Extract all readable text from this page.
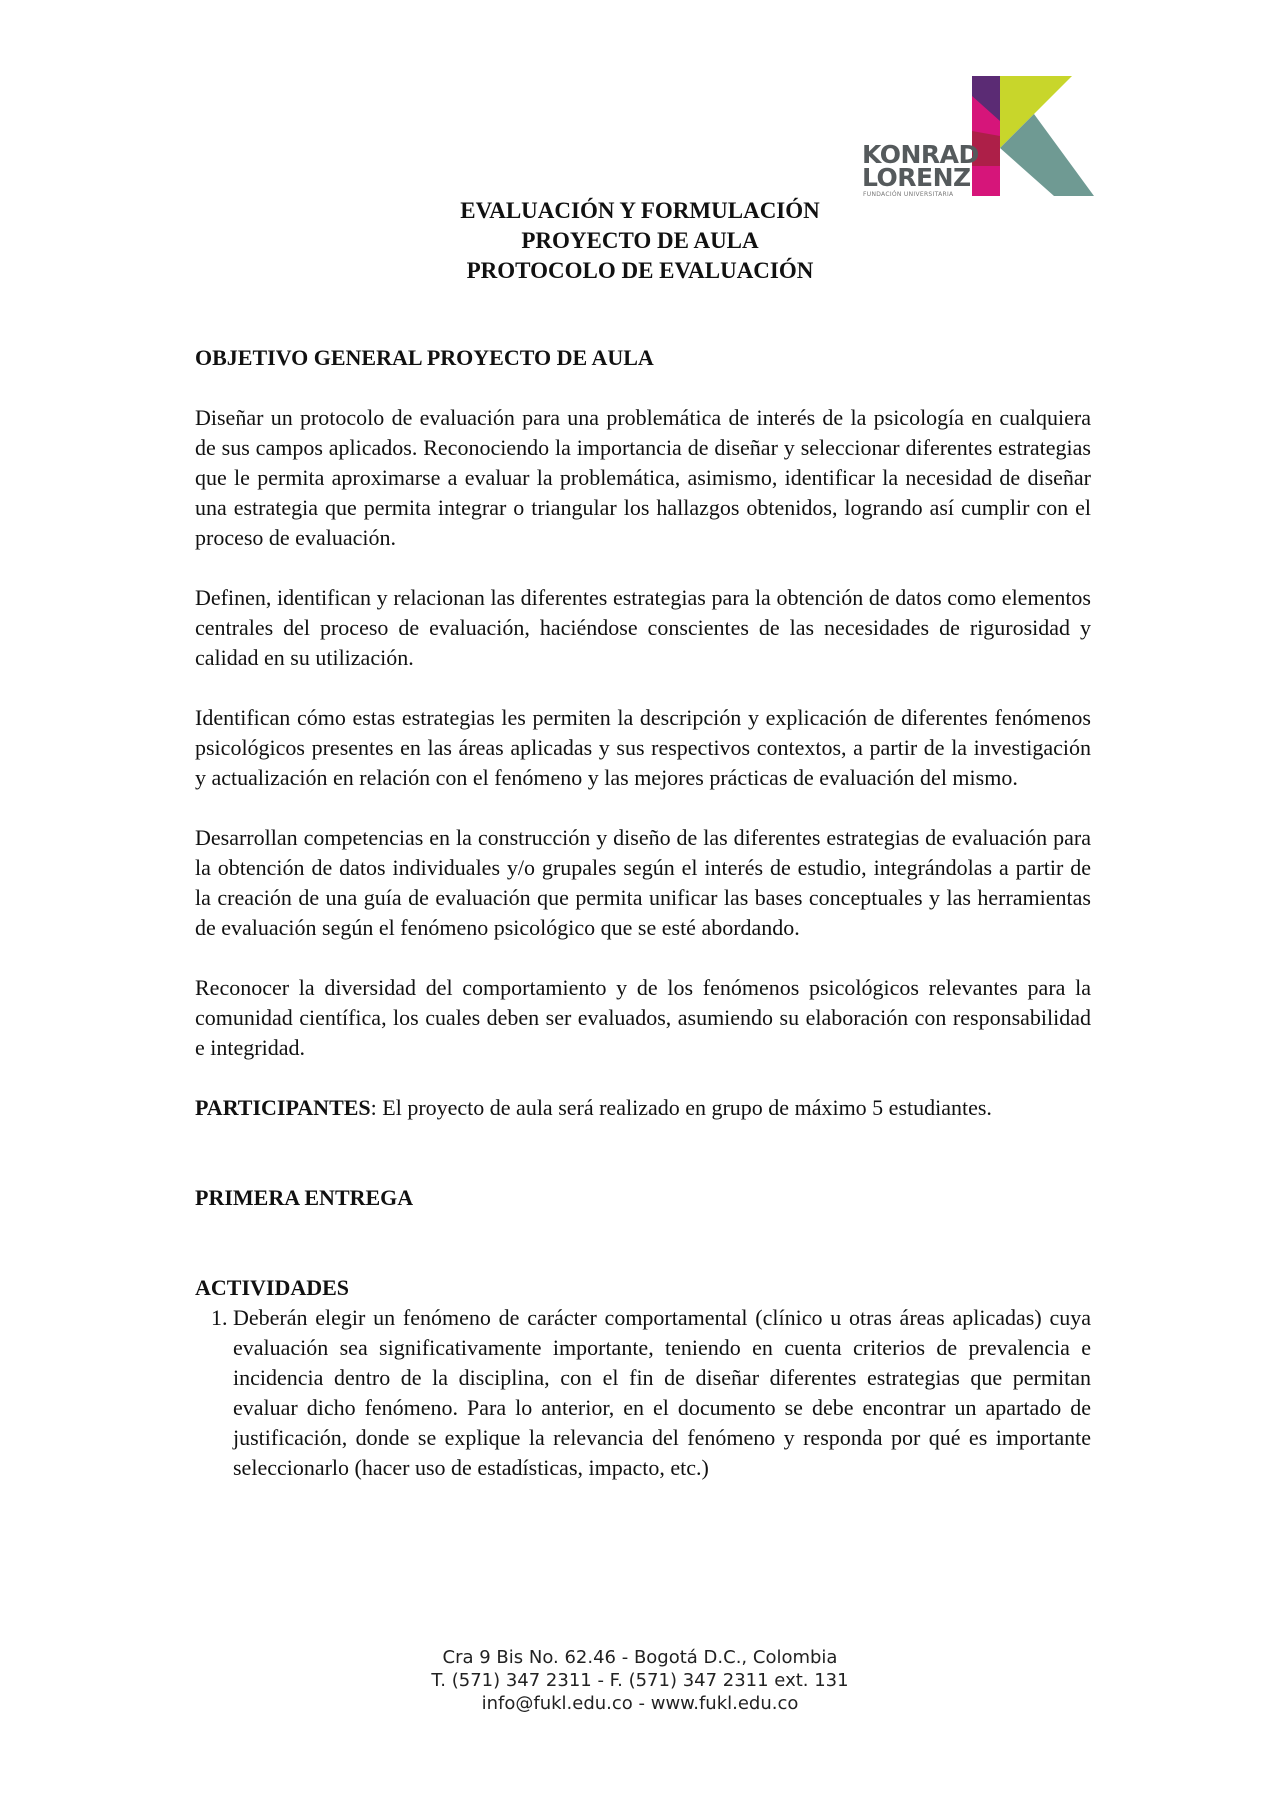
KONRAD
LORENZ
FUNDACIÓN UNIVERSITARIA
EVALUACIÓN Y FORMULACIÓN
PROYECTO DE AULA
PROTOCOLO DE EVALUACIÓN

OBJETIVO GENERAL PROYECTO DE AULA

Diseñar un protocolo de evaluación para una problemática de interés de la psicología en cualquiera de sus campos aplicados. Reconociendo la importancia de diseñar y seleccionar diferentes estrategias que le permita aproximarse a evaluar la problemática, asimismo, identificar la necesidad de diseñar una estrategia que permita integrar o triangular los hallazgos obtenidos, logrando así cumplir con el proceso de evaluación.

Definen, identifican y relacionan las diferentes estrategias para la obtención de datos como elementos centrales del proceso de evaluación, haciéndose conscientes de las necesidades de rigurosidad y calidad en su utilización.

Identifican cómo estas estrategias les permiten la descripción y explicación de diferentes fenómenos psicológicos presentes en las áreas aplicadas y sus respectivos contextos, a partir de la investigación y actualización en relación con el fenómeno y las mejores prácticas de evaluación del mismo.

Desarrollan competencias en la construcción y diseño de las diferentes estrategias de evaluación para la obtención de datos individuales y/o grupales según el interés de estudio, integrándolas a partir de la creación de una guía de evaluación que permita unificar las bases conceptuales y las herramientas de evaluación según el fenómeno psicológico que se esté abordando.

Reconocer la diversidad del comportamiento y de los fenómenos psicológicos relevantes para la comunidad científica, los cuales deben ser evaluados, asumiendo su elaboración con responsabilidad e integridad.

PARTICIPANTES: El proyecto de aula será realizado en grupo de máximo 5 estudiantes.

PRIMERA ENTREGA

ACTIVIDADES

1. Deberán elegir un fenómeno de carácter comportamental (clínico u otras áreas aplicadas) cuya evaluación sea significativamente importante, teniendo en cuenta criterios de prevalencia e incidencia dentro de la disciplina, con el fin de diseñar diferentes estrategias que permitan evaluar dicho fenómeno. Para lo anterior, en el documento se debe encontrar un apartado de justificación, donde se explique la relevancia del fenómeno y responda por qué es importante seleccionarlo (hacer uso de estadísticas, impacto, etc.)
Cra 9 Bis No. 62.46 - Bogotá D.C., Colombia
T. (571) 347 2311 - F. (571) 347 2311 ext. 131
info@fukl.edu.co - www.fukl.edu.co
